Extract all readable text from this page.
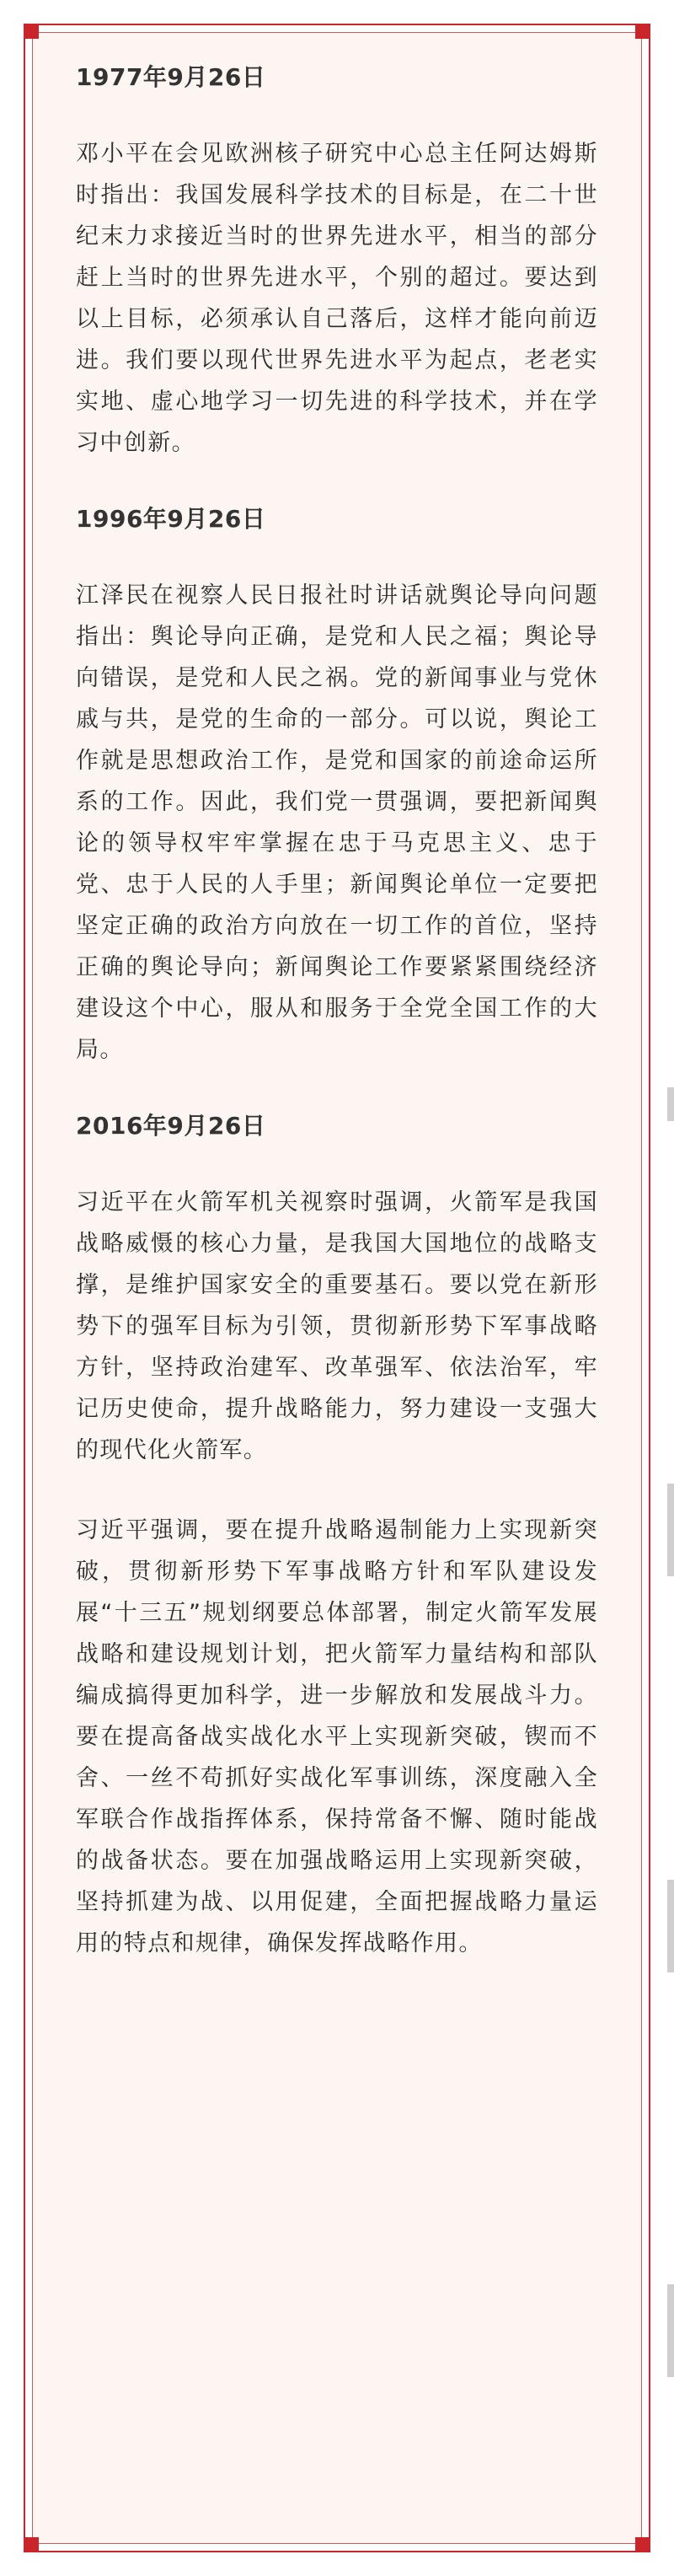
1977年9月26日

邓小平在会见欧洲核子研究中心总主任阿达姆斯时指出：我国发展科学技术的目标是，在二十世纪末力求接近当时的世界先进水平，相当的部分赶上当时的世界先进水平，个别的超过。要达到以上目标，必须承认自己落后，这样才能向前迈进。我们要以现代世界先进水平为起点，老老实实地、虚心地学习一切先进的科学技术，并在学习中创新。

1996年9月26日

江泽民在视察人民日报社时讲话就舆论导向问题指出：舆论导向正确，是党和人民之福；舆论导向错误，是党和人民之祸。党的新闻事业与党休戚与共，是党的生命的一部分。可以说，舆论工作就是思想政治工作，是党和国家的前途命运所系的工作。因此，我们党一贯强调，要把新闻舆论的领导权牢牢掌握在忠于马克思主义、忠于党、忠于人民的人手里；新闻舆论单位一定要把坚定正确的政治方向放在一切工作的首位，坚持正确的舆论导向；新闻舆论工作要紧紧围绕经济建设这个中心，服从和服务于全党全国工作的大局。

2016年9月26日

习近平在火箭军机关视察时强调，火箭军是我国战略威慑的核心力量，是我国大国地位的战略支撑，是维护国家安全的重要基石。要以党在新形势下的强军目标为引领，贯彻新形势下军事战略方针，坚持政治建军、改革强军、依法治军，牢记历史使命，提升战略能力，努力建设一支强大的现代化火箭军。

习近平强调，要在提升战略遏制能力上实现新突破，贯彻新形势下军事战略方针和军队建设发展“十三五”规划纲要总体部署，制定火箭军发展战略和建设规划计划，把火箭军力量结构和部队编成搞得更加科学，进一步解放和发展战斗力。要在提高备战实战化水平上实现新突破，锲而不舍、一丝不苟抓好实战化军事训练，深度融入全军联合作战指挥体系，保持常备不懈、随时能战的战备状态。要在加强战略运用上实现新突破，坚持抓建为战、以用促建，全面把握战略力量运用的特点和规律，确保发挥战略作用。
